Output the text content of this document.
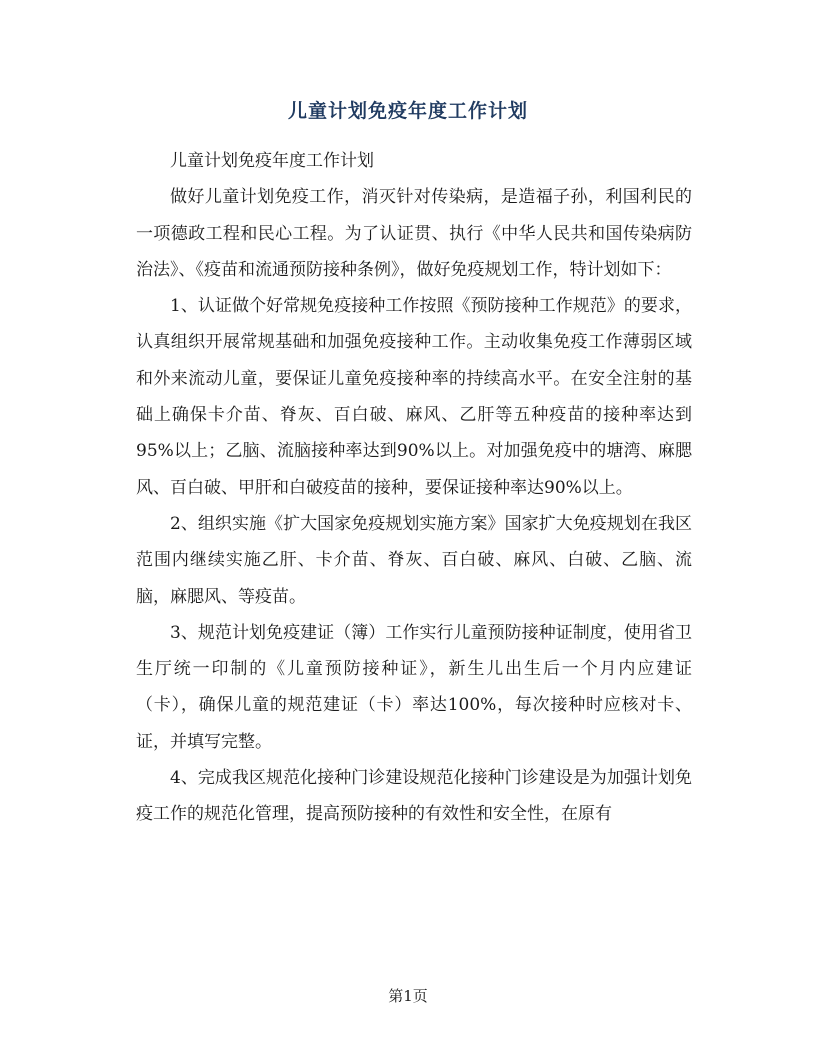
儿童计划免疫年度工作计划

儿童计划免疫年度工作计划

做好儿童计划免疫工作，消灭针对传染病，是造福子孙，利国利民的一项德政工程和民心工程。为了认证贯、执行《中华人民共和国传染病防治法》、《疫苗和流通预防接种条例》，做好免疫规划工作，特计划如下：

1、认证做个好常规免疫接种工作按照《预防接种工作规范》的要求，认真组织开展常规基础和加强免疫接种工作。主动收集免疫工作薄弱区域和外来流动儿童，要保证儿童免疫接种率的持续高水平。在安全注射的基础上确保卡介苗、脊灰、百白破、麻风、乙肝等五种疫苗的接种率达到95%以上；乙脑、流脑接种率达到90%以上。对加强免疫中的塘湾、麻腮风、百白破、甲肝和白破疫苗的接种，要保证接种率达90%以上。

2、组织实施《扩大国家免疫规划实施方案》国家扩大免疫规划在我区范围内继续实施乙肝、卡介苗、脊灰、百白破、麻风、白破、乙脑、流脑，麻腮风、等疫苗。

3、规范计划免疫建证（簿）工作实行儿童预防接种证制度，使用省卫生厅统一印制的《儿童预防接种证》，新生儿出生后一个月内应建证（卡），确保儿童的规范建证（卡）率达100%，每次接种时应核对卡、证，并填写完整。

4、完成我区规范化接种门诊建设规范化接种门诊建设是为加强计划免疫工作的规范化管理，提高预防接种的有效性和安全性，在原有

第1页
